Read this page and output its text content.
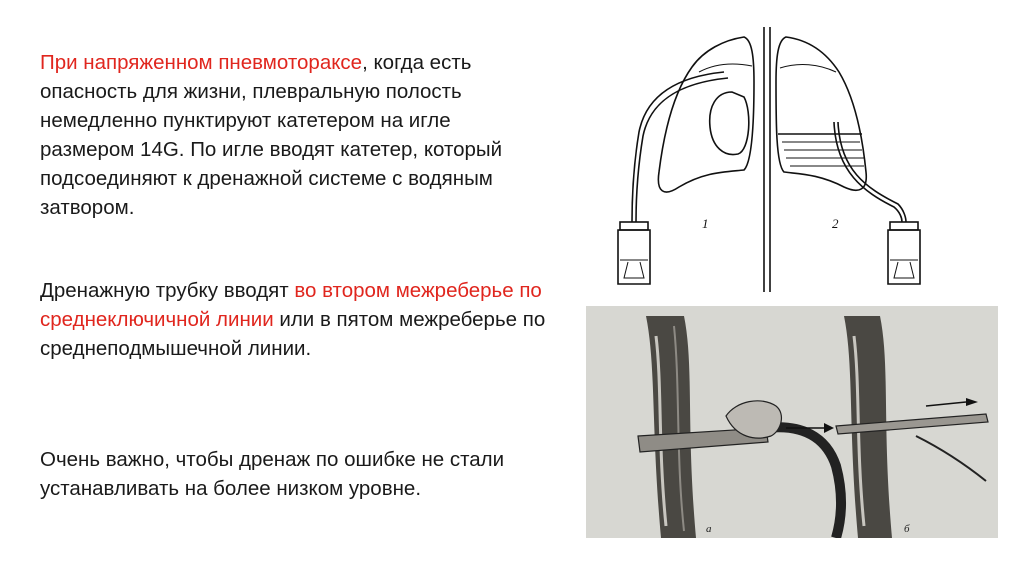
При напряженном пневмотораксе, когда есть опасность для жизни, плевральную полость немедленно пунктируют катетером на игле размером 14G. По игле вводят катетер, который подсоединяют к дренажной системе с водяным затвором.

Дренажную трубку вводят во втором межреберье по среднеключичной линии или в пятом межреберье по среднеподмышечной линии.

Очень важно, чтобы дренаж по ошибке не стали устанавливать на более низком уровне.

1	2
а	б
